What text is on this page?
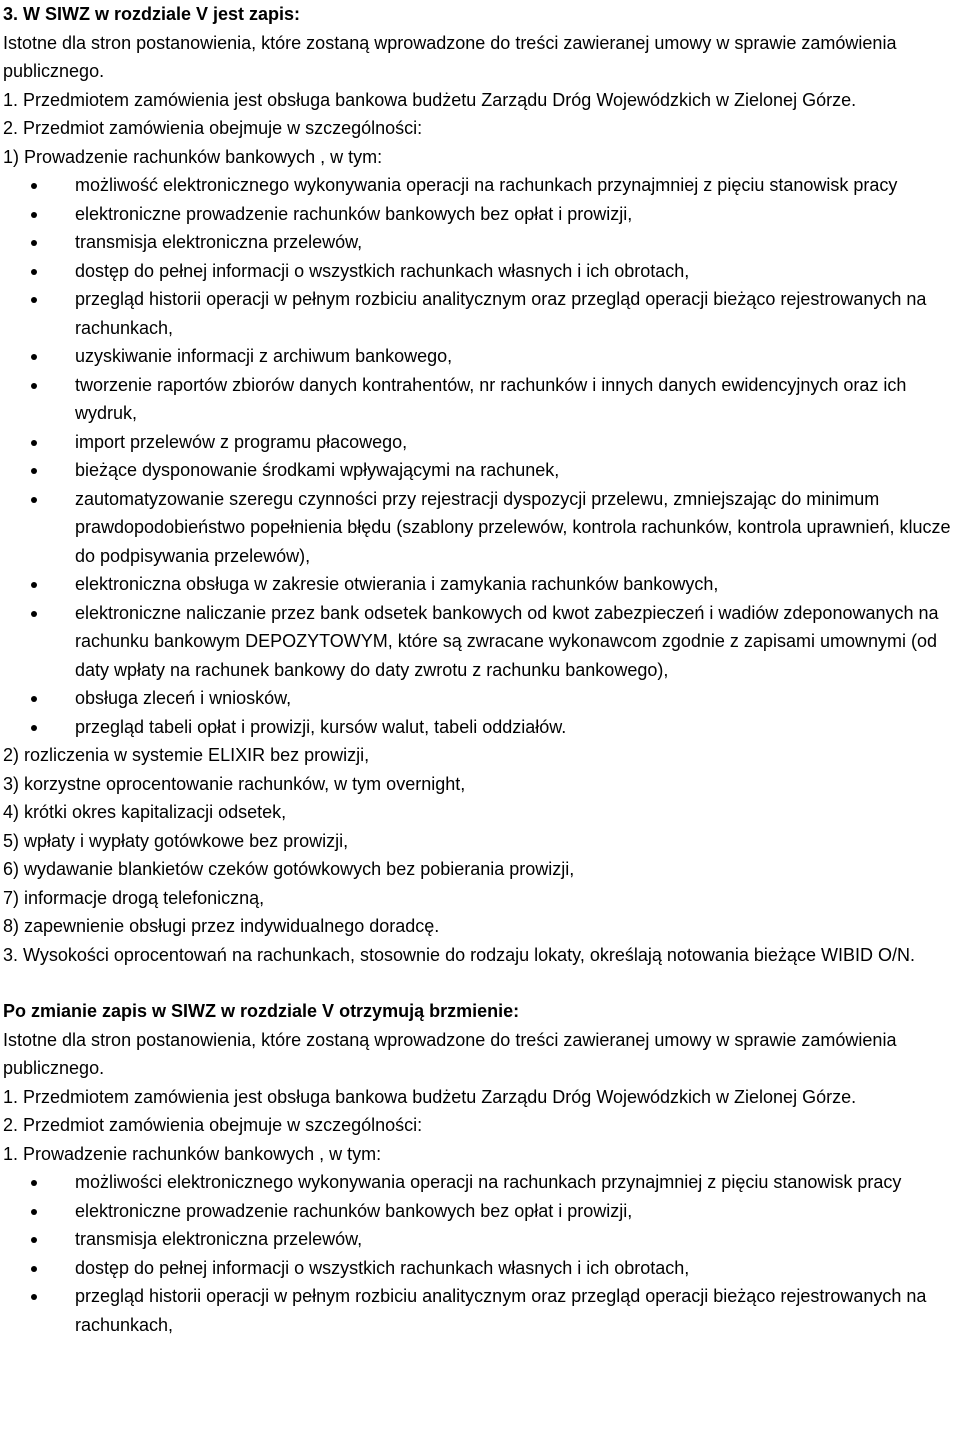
3. W SIWZ w rozdziale V jest zapis:

Istotne dla stron postanowienia, które zostaną wprowadzone do treści zawieranej umowy w sprawie zamówienia publicznego.

1. Przedmiotem zamówienia jest obsługa bankowa budżetu Zarządu Dróg Wojewódzkich w Zielonej Górze.

2. Przedmiot zamówienia obejmuje w szczególności:

1) Prowadzenie rachunków bankowych , w tym:

możliwość elektronicznego wykonywania operacji na rachunkach przynajmniej z pięciu stanowisk pracy
elektroniczne prowadzenie rachunków bankowych bez opłat i prowizji,
transmisja elektroniczna przelewów,
dostęp do pełnej informacji o wszystkich rachunkach własnych i ich obrotach,
przegląd historii operacji w pełnym rozbiciu analitycznym oraz przegląd operacji bieżąco rejestrowanych na rachunkach,
uzyskiwanie informacji z archiwum bankowego,
tworzenie raportów zbiorów danych kontrahentów, nr rachunków i innych danych ewidencyjnych oraz ich wydruk,
import przelewów z programu płacowego,
bieżące dysponowanie środkami wpływającymi na rachunek,
zautomatyzowanie szeregu czynności przy rejestracji dyspozycji przelewu, zmniejszając do minimum prawdopodobieństwo popełnienia błędu (szablony przelewów, kontrola rachunków, kontrola uprawnień, klucze do podpisywania przelewów),
elektroniczna obsługa w zakresie otwierania i zamykania rachunków bankowych,
elektroniczne naliczanie przez bank odsetek bankowych od kwot zabezpieczeń i wadiów zdeponowanych na rachunku bankowym DEPOZYTOWYM, które są zwracane wykonawcom zgodnie z zapisami umownymi (od daty wpłaty na rachunek bankowy do daty zwrotu z rachunku bankowego),
obsługa zleceń i wniosków,
przegląd tabeli opłat i prowizji, kursów walut, tabeli oddziałów.

2) rozliczenia w systemie ELIXIR bez prowizji,

3) korzystne oprocentowanie rachunków, w tym overnight,

4) krótki okres kapitalizacji odsetek,

5) wpłaty i wypłaty gotówkowe bez prowizji,

6) wydawanie blankietów czeków gotówkowych bez pobierania prowizji,

7) informacje drogą telefoniczną,

8) zapewnienie obsługi przez indywidualnego doradcę.

3. Wysokości oprocentowań na rachunkach, stosownie do rodzaju lokaty, określają notowania bieżące WIBID O/N.

Po zmianie zapis w SIWZ w rozdziale V otrzymują brzmienie:

Istotne dla stron postanowienia, które zostaną wprowadzone do treści zawieranej umowy w sprawie zamówienia publicznego.

1. Przedmiotem zamówienia jest obsługa bankowa budżetu Zarządu Dróg Wojewódzkich w Zielonej Górze.

2. Przedmiot zamówienia obejmuje w szczególności:

1. Prowadzenie rachunków bankowych , w tym:

możliwości elektronicznego wykonywania operacji na rachunkach przynajmniej z pięciu stanowisk pracy
elektroniczne prowadzenie rachunków bankowych bez opłat i prowizji,
transmisja elektroniczna przelewów,
dostęp do pełnej informacji o wszystkich rachunkach własnych i ich obrotach,
przegląd historii operacji w pełnym rozbiciu analitycznym oraz przegląd operacji bieżąco rejestrowanych na rachunkach,
